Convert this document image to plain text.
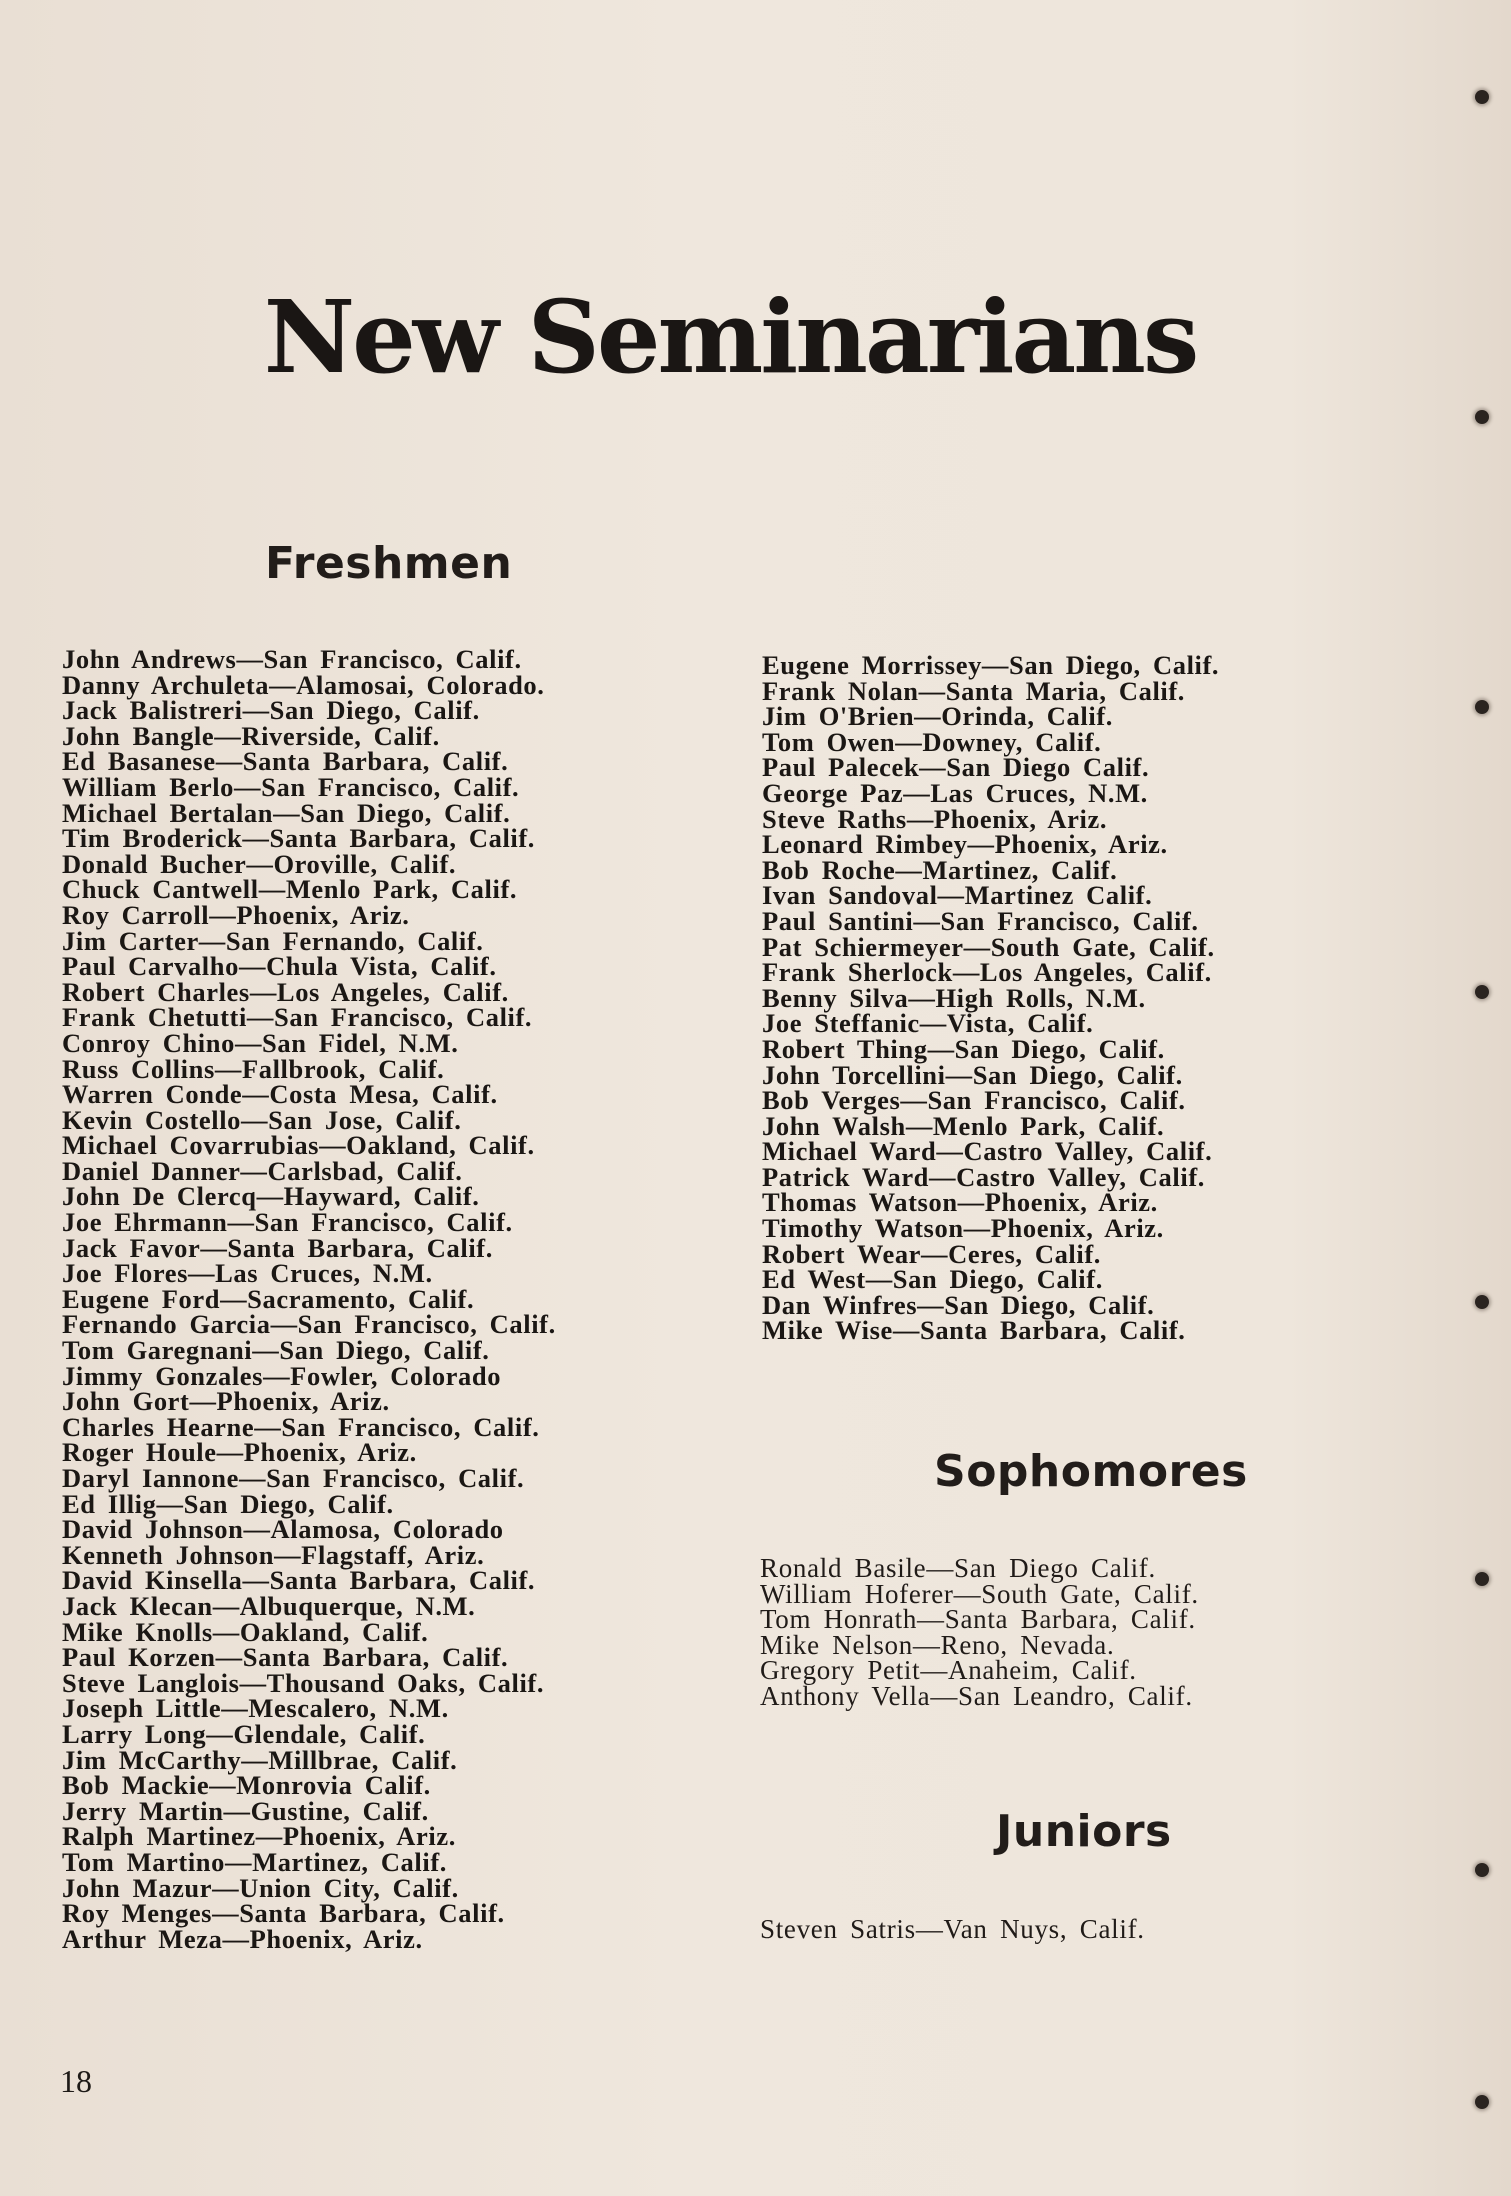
New Seminarians
Freshmen
John Andrews—San Francisco, Calif.
Danny Archuleta—Alamosai, Colorado.
Jack Balistreri—San Diego, Calif.
John Bangle—Riverside, Calif.
Ed Basanese—Santa Barbara, Calif.
William Berlo—San Francisco, Calif.
Michael Bertalan—San Diego, Calif.
Tim Broderick—Santa Barbara, Calif.
Donald Bucher—Oroville, Calif.
Chuck Cantwell—Menlo Park, Calif.
Roy Carroll—Phoenix, Ariz.
Jim Carter—San Fernando, Calif.
Paul Carvalho—Chula Vista, Calif.
Robert Charles—Los Angeles, Calif.
Frank Chetutti—San Francisco, Calif.
Conroy Chino—San Fidel, N.M.
Russ Collins—Fallbrook, Calif.
Warren Conde—Costa Mesa, Calif.
Kevin Costello—San Jose, Calif.
Michael Covarrubias—Oakland, Calif.
Daniel Danner—Carlsbad, Calif.
John De Clercq—Hayward, Calif.
Joe Ehrmann—San Francisco, Calif.
Jack Favor—Santa Barbara, Calif.
Joe Flores—Las Cruces, N.M.
Eugene Ford—Sacramento, Calif.
Fernando Garcia—San Francisco, Calif.
Tom Garegnani—San Diego, Calif.
Jimmy Gonzales—Fowler, Colorado
John Gort—Phoenix, Ariz.
Charles Hearne—San Francisco, Calif.
Roger Houle—Phoenix, Ariz.
Daryl Iannone—San Francisco, Calif.
Ed Illig—San Diego, Calif.
David Johnson—Alamosa, Colorado
Kenneth Johnson—Flagstaff, Ariz.
David Kinsella—Santa Barbara, Calif.
Jack Klecan—Albuquerque, N.M.
Mike Knolls—Oakland, Calif.
Paul Korzen—Santa Barbara, Calif.
Steve Langlois—Thousand Oaks, Calif.
Joseph Little—Mescalero, N.M.
Larry Long—Glendale, Calif.
Jim McCarthy—Millbrae, Calif.
Bob Mackie—Monrovia Calif.
Jerry Martin—Gustine, Calif.
Ralph Martinez—Phoenix, Ariz.
Tom Martino—Martinez, Calif.
John Mazur—Union City, Calif.
Roy Menges—Santa Barbara, Calif.
Arthur Meza—Phoenix, Ariz.
Eugene Morrissey—San Diego, Calif.
Frank Nolan—Santa Maria, Calif.
Jim O'Brien—Orinda, Calif.
Tom Owen—Downey, Calif.
Paul Palecek—San Diego Calif.
George Paz—Las Cruces, N.M.
Steve Raths—Phoenix, Ariz.
Leonard Rimbey—Phoenix, Ariz.
Bob Roche—Martinez, Calif.
Ivan Sandoval—Martinez Calif.
Paul Santini—San Francisco, Calif.
Pat Schiermeyer—South Gate, Calif.
Frank Sherlock—Los Angeles, Calif.
Benny Silva—High Rolls, N.M.
Joe Steffanic—Vista, Calif.
Robert Thing—San Diego, Calif.
John Torcellini—San Diego, Calif.
Bob Verges—San Francisco, Calif.
John Walsh—Menlo Park, Calif.
Michael Ward—Castro Valley, Calif.
Patrick Ward—Castro Valley, Calif.
Thomas Watson—Phoenix, Ariz.
Timothy Watson—Phoenix, Ariz.
Robert Wear—Ceres, Calif.
Ed West—San Diego, Calif.
Dan Winfres—San Diego, Calif.
Mike Wise—Santa Barbara, Calif.
Sophomores
Ronald Basile—San Diego Calif.
William Hoferer—South Gate, Calif.
Tom Honrath—Santa Barbara, Calif.
Mike Nelson—Reno, Nevada.
Gregory Petit—Anaheim, Calif.
Anthony Vella—San Leandro, Calif.
Juniors
Steven Satris—Van Nuys, Calif.
18
